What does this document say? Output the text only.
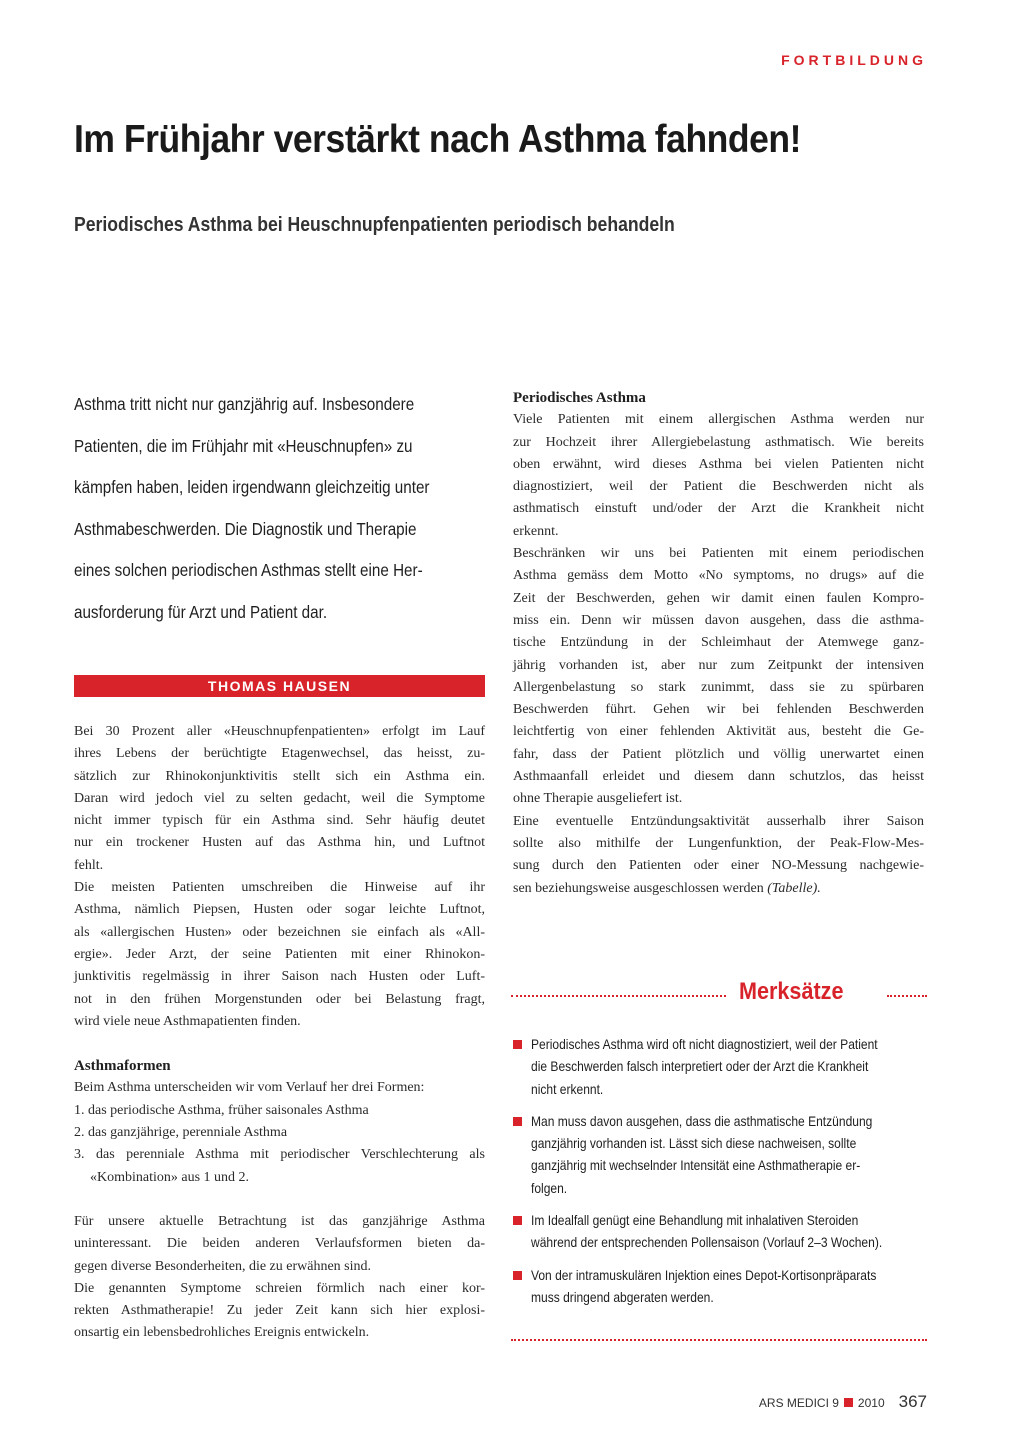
FORTBILDUNG
Im Frühjahr verstärkt nach Asthma fahnden!
Periodisches Asthma bei Heuschnupfenpatienten periodisch behandeln

Asthma tritt nicht nur ganzjährig auf. Insbesondere

Patienten, die im Frühjahr mit «Heuschnupfen» zu

kämpfen haben, leiden irgendwann gleichzeitig unter

Asthmabeschwerden. Die Diagnostik und Therapie

eines solchen periodischen Asthmas stellt eine Her-

ausforderung für Arzt und Patient dar.

THOMAS HAUSEN

Bei 30 Prozent aller «Heuschnupfenpatienten» erfolgt im Lauf
ihres Lebens der berüchtigte Etagenwechsel, das heisst, zu-
sätzlich zur Rhinokonjunktivitis stellt sich ein Asthma ein.
Daran wird jedoch viel zu selten gedacht, weil die Symptome
nicht immer typisch für ein Asthma sind. Sehr häufig deutet
nur ein trockener Husten auf das Asthma hin, und Luftnot
fehlt.

Die meisten Patienten umschreiben die Hinweise auf ihr
Asthma, nämlich Piepsen, Husten oder sogar leichte Luftnot,
als «allergischen Husten» oder bezeichnen sie einfach als «All-
ergie». Jeder Arzt, der seine Patienten mit einer Rhinokon-
junktivitis regelmässig in ihrer Saison nach Husten oder Luft-
not in den frühen Morgenstunden oder bei Belastung fragt,
wird viele neue Asthmapatienten finden.

Asthmaformen

Beim Asthma unterscheiden wir vom Verlauf her drei Formen:

1. das periodische Asthma, früher saisonales Asthma

2. das ganzjährige, perenniale Asthma

3. das perenniale Asthma mit periodischer Verschlechterung als «Kombination» aus 1 und 2.

Für unsere aktuelle Betrachtung ist das ganzjährige Asthma
uninteressant. Die beiden anderen Verlaufsformen bieten da-
gegen diverse Besonderheiten, die zu erwähnen sind.

Die genannten Symptome schreien förmlich nach einer kor-
rekten Asthmatherapie! Zu jeder Zeit kann sich hier explosi-
onsartig ein lebensbedrohliches Ereignis entwickeln.

Periodisches Asthma

Viele Patienten mit einem allergischen Asthma werden nur
zur Hochzeit ihrer Allergiebelastung asthmatisch. Wie bereits
oben erwähnt, wird dieses Asthma bei vielen Patienten nicht
diagnostiziert, weil der Patient die Beschwerden nicht als
asthmatisch einstuft und/oder der Arzt die Krankheit nicht
erkennt.

Beschränken wir uns bei Patienten mit einem periodischen
Asthma gemäss dem Motto «No symptoms, no drugs» auf die
Zeit der Beschwerden, gehen wir damit einen faulen Kompro-
miss ein. Denn wir müssen davon ausgehen, dass die asthma-
tische Entzündung in der Schleimhaut der Atemwege ganz-
jährig vorhanden ist, aber nur zum Zeitpunkt der intensiven
Allergenbelastung so stark zunimmt, dass sie zu spürbaren
Beschwerden führt. Gehen wir bei fehlenden Beschwerden
leichtfertig von einer fehlenden Aktivität aus, besteht die Ge-
fahr, dass der Patient plötzlich und völlig unerwartet einen
Asthmaanfall erleidet und diesem dann schutzlos, das heisst
ohne Therapie ausgeliefert ist.

Eine eventuelle Entzündungsaktivität ausserhalb ihrer Saison
sollte also mithilfe der Lungenfunktion, der Peak-Flow-Mes-
sung durch den Patienten oder einer NO-Messung nachgewie-

sen beziehungsweise ausgeschlossen werden (Tabelle).

Merksätze
Periodisches Asthma wird oft nicht diagnostiziert, weil der Patient
die Beschwerden falsch interpretiert oder der Arzt die Krankheit
nicht erkennt.
Man muss davon ausgehen, dass die asthmatische Entzündung
ganzjährig vorhanden ist. Lässt sich diese nachweisen, sollte
ganzjährig mit wechselnder Intensität eine Asthmatherapie er-
folgen.
Im Idealfall genügt eine Behandlung mit inhalativen Steroiden
während der entsprechenden Pollensaison (Vorlauf 2–3 Wochen).
Von der intramuskulären Injektion eines Depot-Kortisonpräparats
muss dringend abgeraten werden.
ARS MEDICI 9 2010 367
